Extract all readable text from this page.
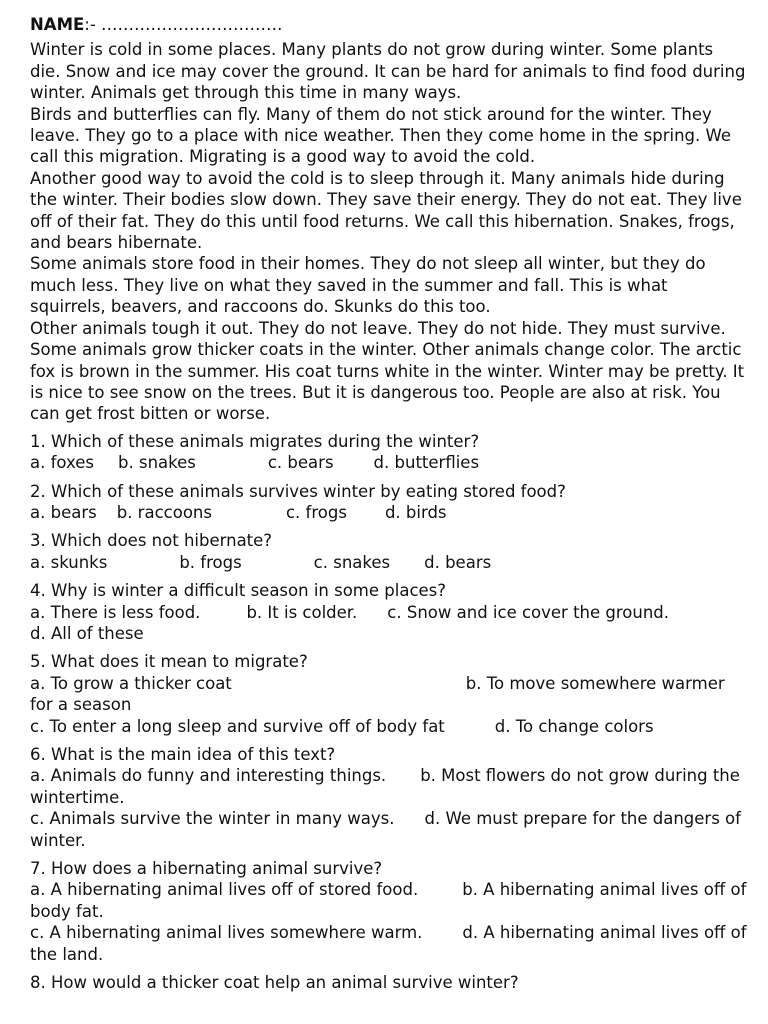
NAME:- ……………………………

Winter is cold in some places. Many plants do not grow during winter. Some plants die. Snow and ice may cover the ground. It can be hard for animals to find food during winter. Animals get through this time in many ways.

Birds and butterflies can fly. Many of them do not stick around for the winter. They leave. They go to a place with nice weather. Then they come home in the spring. We call this migration. Migrating is a good way to avoid the cold.

Another good way to avoid the cold is to sleep through it. Many animals hide during the winter. Their bodies slow down. They save their energy. They do not eat. They live off of their fat. They do this until food returns. We call this hibernation. Snakes, frogs, and bears hibernate.

Some animals store food in their homes. They do not sleep all winter, but they do much less. They live on what they saved in the summer and fall. This is what squirrels, beavers, and raccoons do. Skunks do this too.

Other animals tough it out. They do not leave. They do not hide. They must survive. Some animals grow thicker coats in the winter. Other animals change color. The arctic fox is brown in the summer. His coat turns white in the winter. Winter may be pretty. It is nice to see snow on the trees. But it is dangerous too. People are also at risk. You can get frost bitten or worse.

1. Which of these animals migrates during the winter?
a. foxes b. snakes	c. bears d. butterflies
2. Which of these animals survives winter by eating stored food?
a. bears b. raccoons	c. frogs d. birds
3. Which does not hibernate?
a. skunks	b. frogs	c. snakes d. bears
4. Why is winter a difficult season in some places?
a. There is less food.	b. It is colder. c. Snow and ice cover the ground.
d. All of these
5. What does it mean to migrate?
a. To grow a thicker coat	b. To move somewhere warmer for a season
c. To enter a long sleep and survive off of body fat	d. To change colors
6. What is the main idea of this text?
a. Animals do funny and interesting things. b. Most flowers do not grow during the wintertime.
c. Animals survive the winter in many ways. d. We must prepare for the dangers of winter.
7. How does a hibernating animal survive?
a. A hibernating animal lives off of stored food.	b. A hibernating animal lives off of body fat.
c. A hibernating animal lives somewhere warm. d. A hibernating animal lives off of the land.
8. How would a thicker coat help an animal survive winter?
